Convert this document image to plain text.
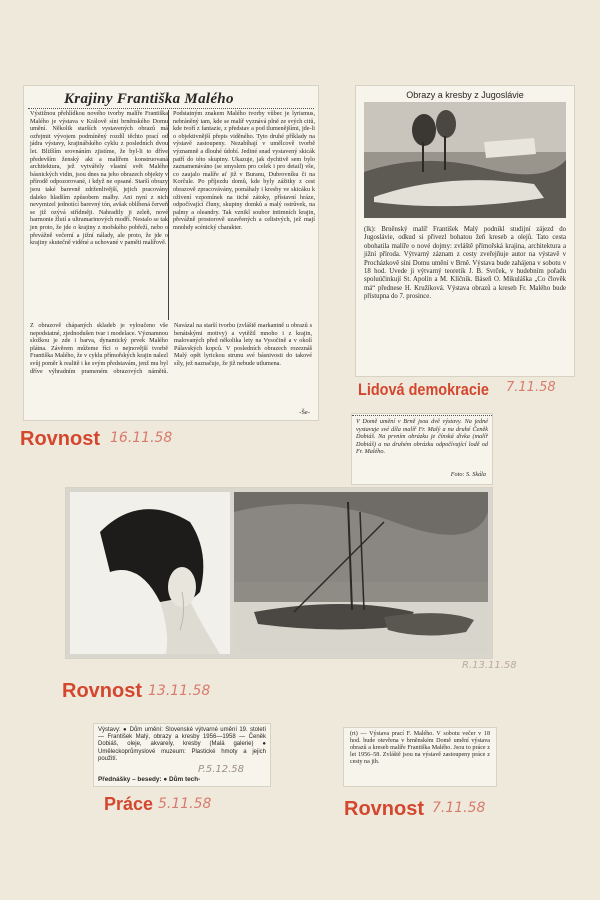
Krajiny Františka Malého
Výstižnou přehlídkou nového tvorby malíře Františka Malého je výstava v Králově síni brněnského Domu umění. Několik starších vystavených obrazů má ozřejmit vývojem podmíněný rozdíl těchto prací od jádra výstavy, krajinářského cyklu z posledních dvou let. Bližším srovnáním zjistíme, že byl-li to dříve především ženský akt a malířem konstruovaná architektura, jež vytvářely vlastní svět Malého básnických vidin, jsou dnes na jeho obrazech objekty v přírodě odpozorované, i když ne opsané. Starší obrazy jsou také barevně zdrženlivější, jejich pracovány daleko hladším způsobem malby. Ani nyní z nich nevymizel jednotící barevný tón, avšak oblíbená červeň se již ozývá střídměji. Nahradily ji zeleň, nové harmonie žlutí a ultramarinových modří. Nestalo se tak jen proto, že jde o krajiny z mořského pobřeží, nebo o převážně večerní a jižní nálady, ale proto, že jde o krajiny skutečně viděné a uchované v paměti malířově.
Podstatným znakem Malého tvorby vůbec je lyrismus, nebráněný tam, kde se malíř vyznává plně ze svých citů, kde tvoří z fantazie, z představ a pod tlumenějšími, jde-li o objektivnější přepis viděného. Tyto druhé příklady na výstavě zastoupeny. Nezabíhají v umělcově tvorbě významně a dlouhé údobí. Jediné snad vystavený skicák patří do této skupiny. Ukazuje, jak dychtivě sem bylo zaznamenáváno (se smyslem pro celek i pro detail) vše, co zaujalo malíře ať již v Buranu, Dubrovníku či na Korčule. Po příjezdu domů, kde byly zážitky z cest obrazově zpracovávány, pomáhaly i kresby ve skicáku k oživení vzpomínek na tiché zátoky, přístavní hráze, odpočívající čluny, skupiny domků a malý ostrůvek, na palmy a oleandry. Tak vznikl soubor intimních krajin, převážně prostorově uzavřených a celistvých, jež mají mnohdy scénický charakter.
Z obrazově chápaných skladeb je vyloučeno vše nepodstatné, zjednodušen tvar i modelace. Významnou složkou je zde i barva, dynamický prvek Malého plátna. Závěrem můžeme říci o nejnovější tvorbě Františka Malého, že v cyklu přímořských krajin nalezl svůj poměr k realitě i ke svým představám, jenž mu byl dříve výhradním prameném obrazových námětů. Navázal na starší tvorbu (zvláště markantně u obrazů s benátskými motivy) a vytěžil mnoho i z krajin, malovaných před několika lety na Vysočině a v okolí Pálavských kopců. V posledních obrazech rozeznáš Malý opět lyrickou strunu své básnivosti do takové síly, jež naznačuje, že již nebude utlumena.
-Še-
Obrazy a kresby z Jugoslávie
(lk): Brněnský malíř František Malý podnikl studijní zájezd do Jugoslávie, odkud si přivezl bohatou žeň kreseb a olejů. Tato cesta obohatila malíře o nové dojmy: zvláště přímořská krajina, architektura a jižní příroda. Výtvarný záznam z cesty zveřejňuje autor na výstavě v Procházkově síni Domu umění v Brně. Výstava bude zahájena v sobotu v 18 hod. Uvede ji výtvarný teoretik J. B. Svrček, v hudebním pořadu spoluúčinkují St. Apolín a M. Klíčník. Báseň O. Mikuláška „Co člověk má“ přednese H. Kružíková. Výstava obrazů a kreseb Fr. Malého bude přístupna do 7. prosince.
Rovnost 16.11.58
Lidová demokracie 7.11.58
V Domě umění v Brně jsou dvě výstavy. Na jedné vystavuje své díla malíř Fr. Malý a na druhé Čeněk Dobiáš. Na prvním obrázku je čínská dívka (malíř Dobiáš) a na druhém obrázku odpočívající lodě od Fr. Malého.
Foto: S. Skála
R.13.11.58
Rovnost 13.11.58
Výstavy: ● Dům umění: Slovenské výtvarné umění 19. století — František Malý, obrazy a kresby 1956—1958 — Čeněk Dobiáš, oleje, akvarely, kresby (Malá galerie) ● Uměleckoprůmyslové muzeum: Plastické hmoty a jejich použití.
Přednášky – besedy: ● Dům tech-
P.5.12.58
Práce 5.11.58
(rt) — Výstava prací F. Malého. V sobotu večer v 18 hod. bude otevřena v brněnském Domě umění výstava obrazů a kreseb malíře Františka Malého. Jsou to práce z let 1956–58. Zvláště jsou na výstavě zastoupeny práce z cesty na jih.
Rovnost 7.11.58
